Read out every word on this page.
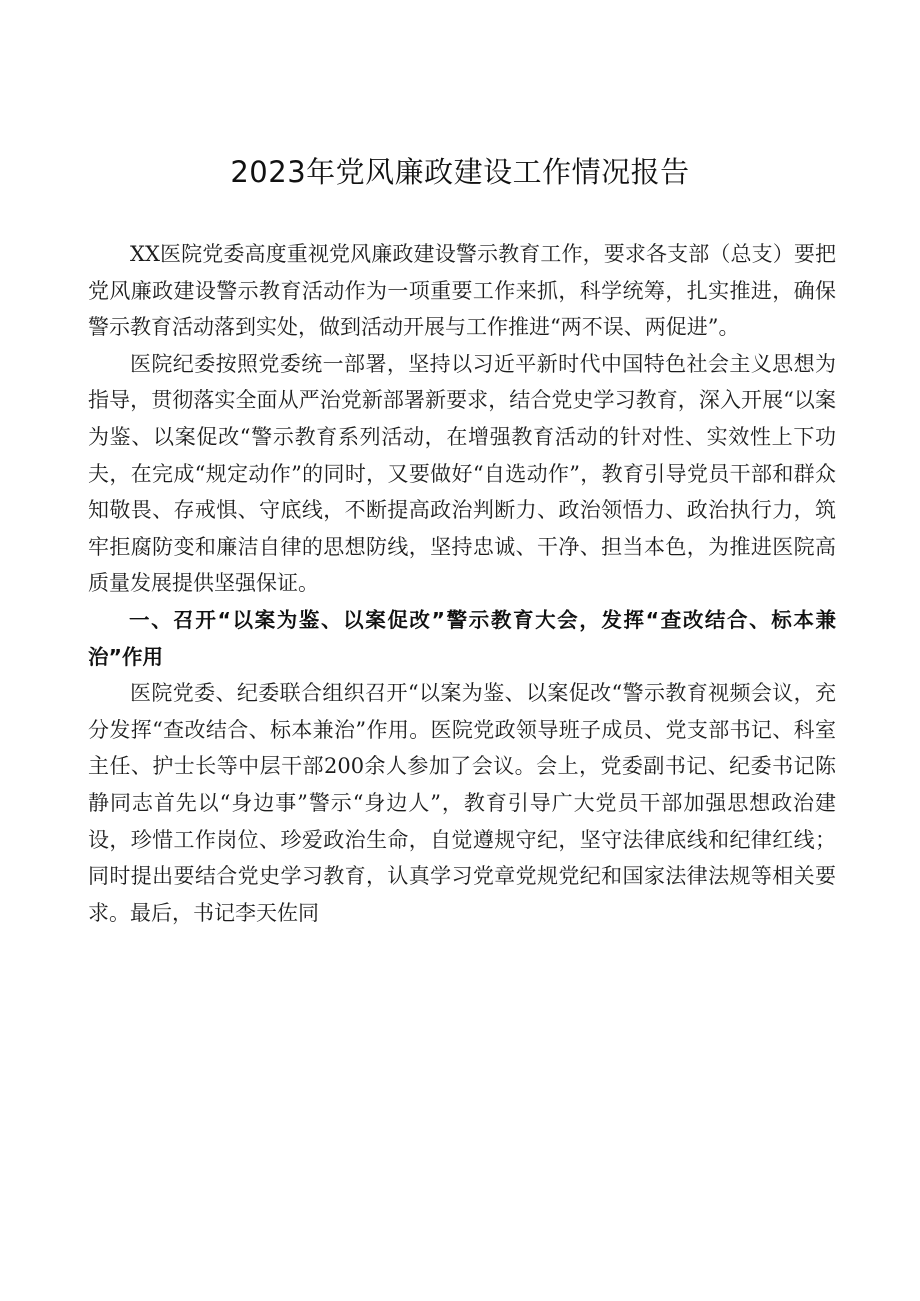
2023年党风廉政建设工作情况报告

XX医院党委高度重视党风廉政建设警示教育工作，要求各支部（总支）要把党风廉政建设警示教育活动作为一项重要工作来抓，科学统筹，扎实推进，确保警示教育活动落到实处，做到活动开展与工作推进“两不误、两促进”。

医院纪委按照党委统一部署，坚持以习近平新时代中国特色社会主义思想为指导，贯彻落实全面从严治党新部署新要求，结合党史学习教育，深入开展“以案为鉴、以案促改“警示教育系列活动，在增强教育活动的针对性、实效性上下功夫，在完成“规定动作”的同时，又要做好“自选动作”，教育引导党员干部和群众知敬畏、存戒惧、守底线，不断提高政治判断力、政治领悟力、政治执行力，筑牢拒腐防变和廉洁自律的思想防线，坚持忠诚、干净、担当本色，为推进医院高质量发展提供坚强保证。

一、召开“以案为鉴、以案促改”警示教育大会，发挥“查改结合、标本兼治”作用

医院党委、纪委联合组织召开“以案为鉴、以案促改“警示教育视频会议，充分发挥“查改结合、标本兼治”作用。医院党政领导班子成员、党支部书记、科室主任、护士长等中层干部200余人参加了会议。会上，党委副书记、纪委书记陈静同志首先以“身边事”警示“身边人”，教育引导广大党员干部加强思想政治建设，珍惜工作岗位、珍爱政治生命，自觉遵规守纪，坚守法律底线和纪律红线；同时提出要结合党史学习教育，认真学习党章党规党纪和国家法律法规等相关要求。最后，书记李天佐同
